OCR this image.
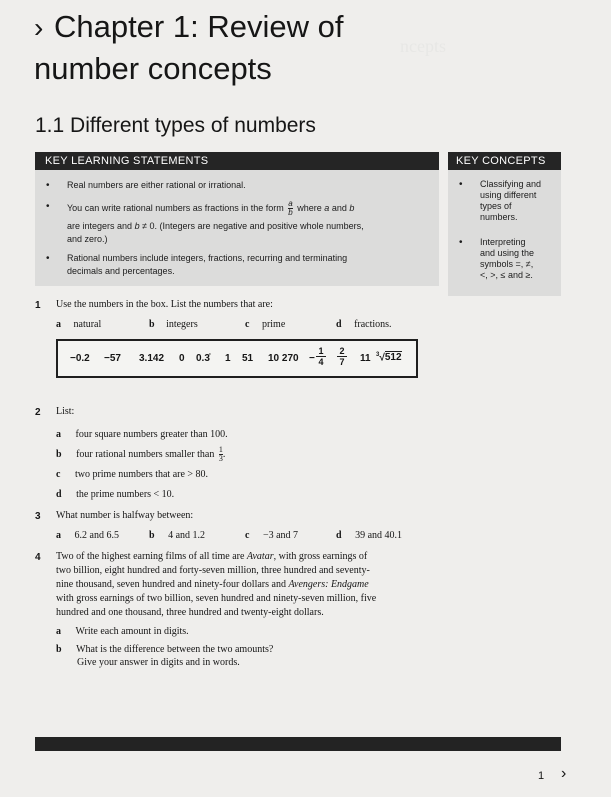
ncepts
› Chapter 1: Review of
number concepts
1.1 Different types of numbers
KEY LEARNING STATEMENTS
• Real numbers are either rational or irrational.
• You can write rational numbers as fractions in the form $\frac{a}{b}$ where a and b
are integers and b ≠ 0. (Integers are negative and positive whole numbers,
and zero.)
• Rational numbers include integers, fractions, recurring and terminating
decimals and percentages.
KEY CONCEPTS
• Classifying and
using different
types of
numbers.
• Interpreting
and using the
symbols =, ≠,
<, >, ≤ and ≥.
1 Use the numbers in the box. List the numbers that are:
a natural	b integers	c prime	d fractions.
−0.2 −57 3.142 0 0.3̇ 1 51 10 $270 - \frac{1}{4} \frac{2}{7} 11$ $^3$√512
2 List:
a four square numbers greater than 100.
b four rational numbers smaller than $\frac{1}{3}$ .
c two prime numbers that are > 80.
d the prime numbers < 10.
3 What number is halfway between:
a 6.2 and 6.5	b 4 and 1.2	c −3 and 7	d 39 and 40.1
4 Two of the highest earning films of all time are Avatar, with gross earnings of
two billion, eight hundred and forty-seven million, three hundred and seventy-
nine thousand, seven hundred and ninety-four dollars and Avengers: Endgame
with gross earnings of two billion, seven hundred and ninety-seven million, five
hundred and one thousand, three hundred and twenty-eight dollars.
a Write each amount in digits.
b What is the difference between the two amounts?
Give your answer in digits and in words.
1 ›
